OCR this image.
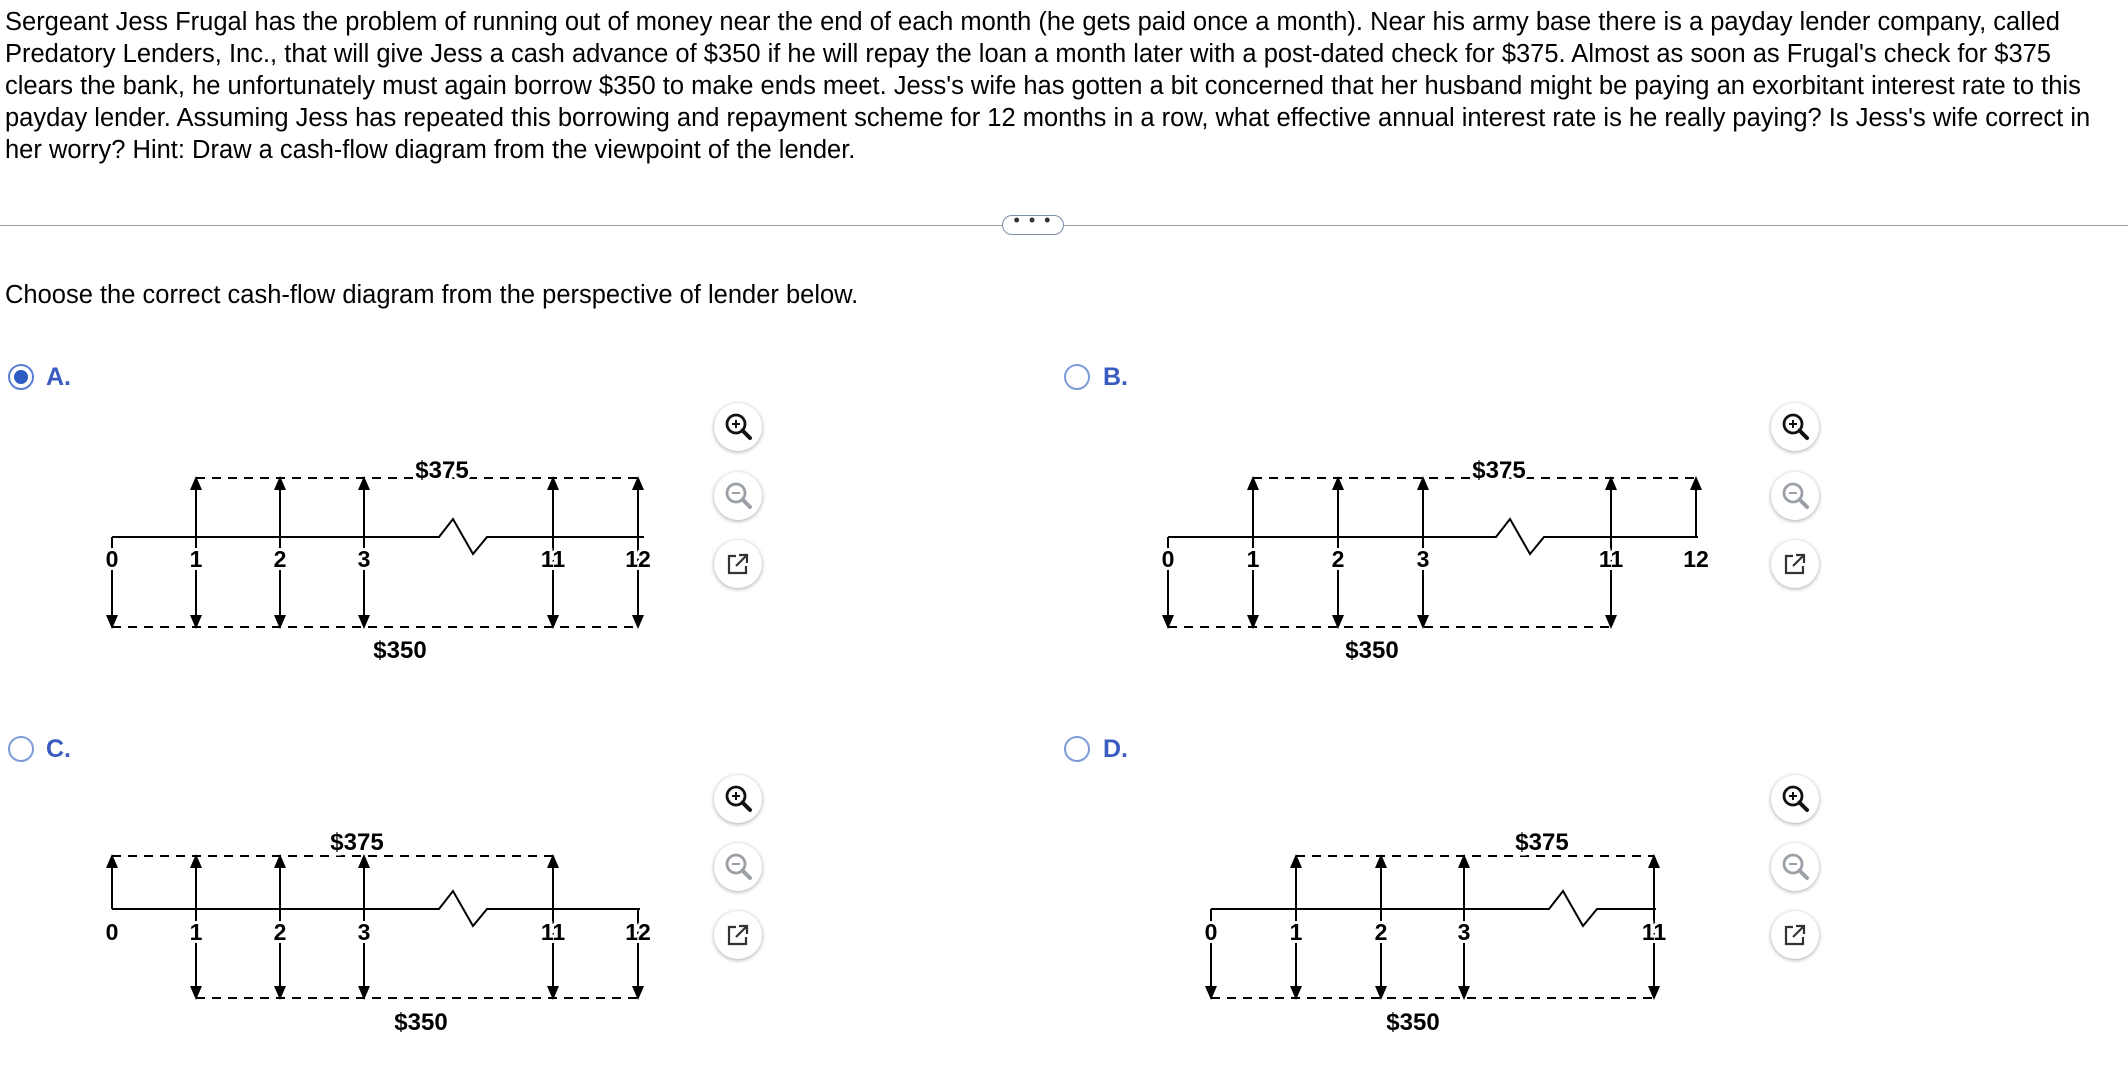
Sergeant Jess Frugal has the problem of running out of money near the end of each month (he gets paid once a month). Near his army base there is a payday lender company, called Predatory Lenders, Inc., that will give Jess a cash advance of $350 if he will repay the loan a month later with a post-dated check for $375. Almost as soon as Frugal's check for $375 clears the bank, he unfortunately must again borrow $350 to make ends meet. Jess's wife has gotten a bit concerned that her husband might be paying an exorbitant interest rate to this payday lender. Assuming Jess has repeated this borrowing and repayment scheme for 12 months in a row, what effective annual interest rate is he really paying? Is Jess's wife correct in her worry? Hint: Draw a cash-flow diagram from the viewpoint of the lender.

• • •

Choose the correct cash-flow diagram from the perspective of lender below.

A.
0	1	2	3	11	12
$375
$350
B.
0	1	2	3	11	12
$375
$350
C.
0	1	2	3	11	12
$375
$350
D.
0	1	2	3	11
$375
$350
